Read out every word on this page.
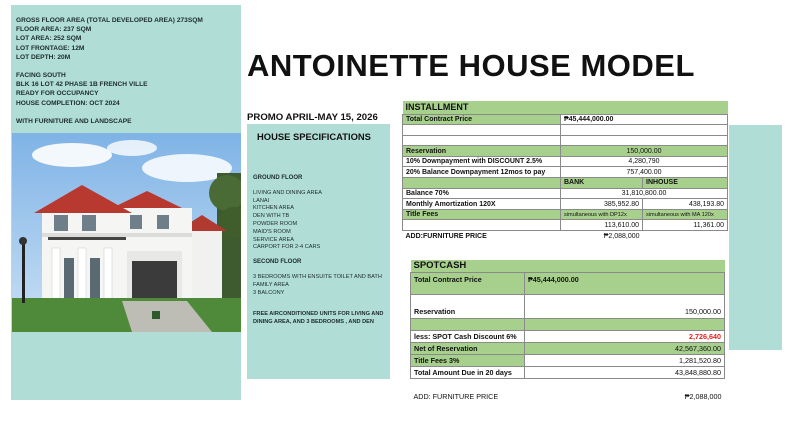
GROSS FLOOR AREA (TOTAL DEVELOPED AREA) 273SQM
FLOOR AREA: 237 SQM
LOT AREA: 252 SQM
LOT FRONTAGE: 12M
LOT DEPTH: 20M
FACING SOUTH
BLK 16 LOT 42 PHASE 1B FRENCH VILLE
READY FOR OCCUPANCY
HOUSE COMPLETION: OCT 2024
WITH FURNITURE AND LANDSCAPE
ANTOINETTE HOUSE MODEL
PROMO APRIL-MAY 15, 2026
HOUSE SPECIFICATIONS
GROUND FLOOR
LIVING AND DINING AREA
LANAI
KITCHEN AREA
DEN WITH TB
POWDER ROOM
MAID'S ROOM
SERVICE AREA
CARPORT FOR 2-4 CARS
SECOND FLOOR
3 BEDROOMS WITH ENSUITE TOILET AND BATH
FAMILY AREA
3 BALCONY
FREE AIRCONDITIONED UNITS FOR LIVING AND DINING AREA, AND 3 BEDROOMS , AND DEN
INSTALLMENT		
Total Contract Price	₱45,444,000.00	

Reservation	150,000.00	
10% Downpayment with DISCOUNT 2.5%	4,280,790	
20% Balance Downpayment 12mos to pay	757,400.00	
	BANK	INHOUSE
Balance 70%	31,810,800.00	
Monthly Amortization 120X	385,952.80	438,193.80
Title Fees	simultaneous with DP12x	simultaneous with MA 120x
	113,610.00	11,361.00
ADD:FURNITURE PRICE	₱2,088,000	
SPOTCASH	
Total Contract Price	₱45,444,000.00
Reservation	150,000.00

less: SPOT Cash Discount 6%	2,726,640
Net of Reservation	42,567,360.00
Title Fees 3%	1,281,520.80
Total Amount Due in 20 days	43,848,880.80

ADD: FURNITURE PRICE	₱2,088,000
